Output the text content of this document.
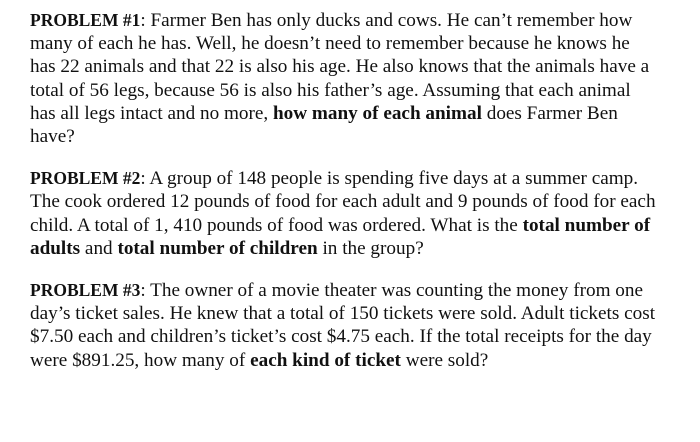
PROBLEM #1: Farmer Ben has only ducks and cows. He can’t remember how
many of each he has. Well, he doesn’t need to remember because he knows he
has 22 animals and that 22 is also his age. He also knows that the animals have a
total of 56 legs, because 56 is also his father’s age. Assuming that each animal
has all legs intact and no more, how many of each animal does Farmer Ben
have?
PROBLEM #2: A group of 148 people is spending five days at a summer camp.
The cook ordered 12 pounds of food for each adult and 9 pounds of food for each
child. A total of 1, 410 pounds of food was ordered. What is the total number of
adults and total number of children in the group?
PROBLEM #3: The owner of a movie theater was counting the money from one
day’s ticket sales. He knew that a total of 150 tickets were sold. Adult tickets cost
$7.50 each and children’s ticket’s cost $4.75 each. If the total receipts for the day
were $891.25, how many of each kind of ticket were sold?
